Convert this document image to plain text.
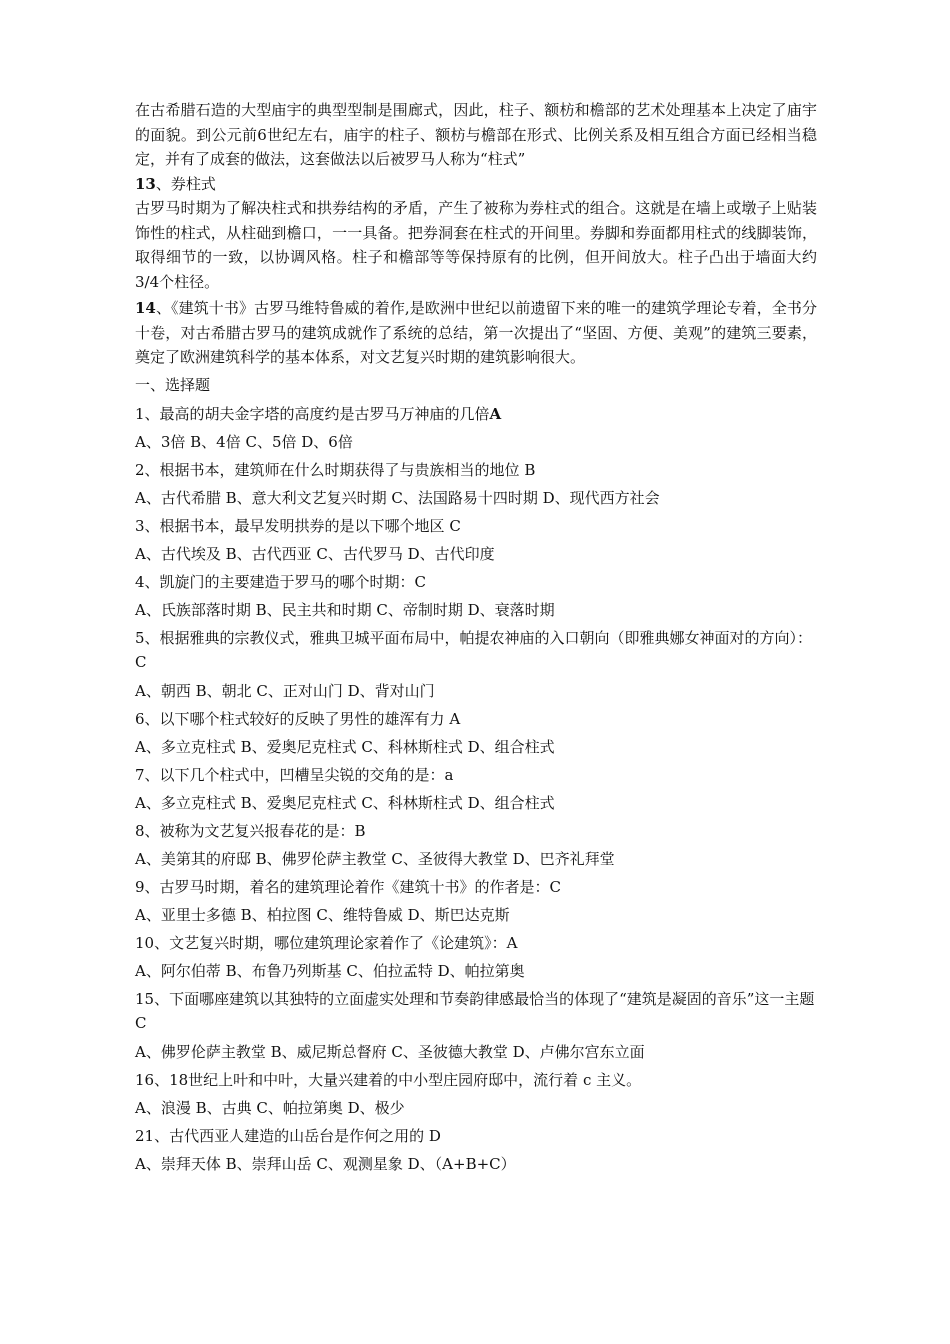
在古希腊石造的大型庙宇的典型型制是围廊式，因此，柱子、额枋和檐部的艺术处理基本上决定了庙宇的面貌。到公元前6世纪左右，庙宇的柱子、额枋与檐部在形式、比例关系及相互组合方面已经相当稳定，并有了成套的做法，这套做法以后被罗马人称为“柱式”

13、券柱式

古罗马时期为了解决柱式和拱券结构的矛盾，产生了被称为券柱式的组合。这就是在墙上或墩子上贴装饰性的柱式，从柱础到檐口，一一具备。把券洞套在柱式的开间里。券脚和券面都用柱式的线脚装饰，取得细节的一致，以协调风格。柱子和檐部等等保持原有的比例，但开间放大。柱子凸出于墙面大约3/4个柱径。

14、《建筑十书》古罗马维特鲁威的着作,是欧洲中世纪以前遗留下来的唯一的建筑学理论专着，全书分十卷，对古希腊古罗马的建筑成就作了系统的总结，第一次提出了“坚固、方便、美观”的建筑三要素，奠定了欧洲建筑科学的基本体系，对文艺复兴时期的建筑影响很大。

一、选择题

1、最高的胡夫金字塔的高度约是古罗马万神庙的几倍A

A、3倍 B、4倍 C、5倍 D、6倍

2、根据书本，建筑师在什么时期获得了与贵族相当的地位 B

A、古代希腊 B、意大利文艺复兴时期 C、法国路易十四时期 D、现代西方社会

3、根据书本，最早发明拱券的是以下哪个地区 C

A、古代埃及 B、古代西亚 C、古代罗马 D、古代印度

4、凯旋门的主要建造于罗马的哪个时期：C

A、氏族部落时期 B、民主共和时期 C、帝制时期 D、衰落时期

5、根据雅典的宗教仪式，雅典卫城平面布局中，帕提农神庙的入口朝向（即雅典娜女神面对的方向）：C

A、朝西 B、朝北 C、正对山门 D、背对山门

6、以下哪个柱式较好的反映了男性的雄浑有力 A

A、多立克柱式 B、爱奥尼克柱式 C、科林斯柱式 D、组合柱式

7、以下几个柱式中，凹槽呈尖锐的交角的是：a

A、多立克柱式 B、爱奥尼克柱式 C、科林斯柱式 D、组合柱式

8、被称为文艺复兴报春花的是：B

A、美第其的府邸 B、佛罗伦萨主教堂 C、圣彼得大教堂 D、巴齐礼拜堂

9、古罗马时期，着名的建筑理论着作《建筑十书》的作者是：C

A、亚里士多德 B、柏拉图 C、维特鲁威 D、斯巴达克斯

10、文艺复兴时期，哪位建筑理论家着作了《论建筑》：A

A、阿尔伯蒂 B、布鲁乃列斯基 C、伯拉孟特 D、帕拉第奥

15、下面哪座建筑以其独特的立面虚实处理和节奏韵律感最恰当的体现了“建筑是凝固的音乐”这一主题 C

A、佛罗伦萨主教堂 B、威尼斯总督府 C、圣彼德大教堂 D、卢佛尔宫东立面

16、18世纪上叶和中叶，大量兴建着的中小型庄园府邸中，流行着 c 主义。

A、浪漫 B、古典 C、帕拉第奥 D、极少

21、古代西亚人建造的山岳台是作何之用的 D

A、崇拜天体 B、崇拜山岳 C、观测星象 D、（A+B+C）
